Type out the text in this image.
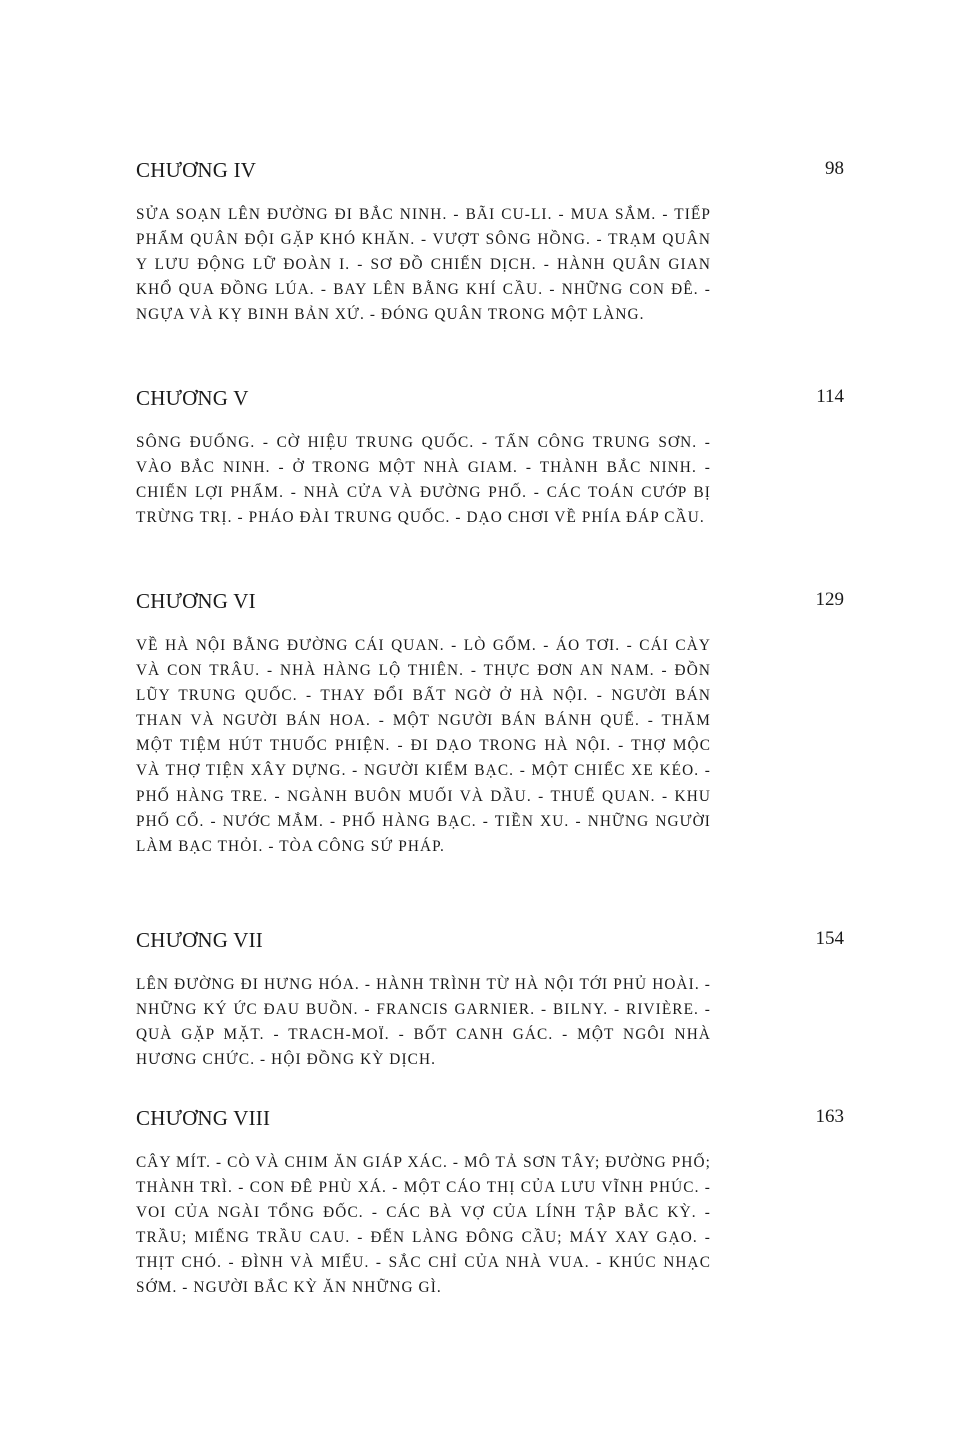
CHƯƠNG IV	98

SỬA SOẠN LÊN ĐƯỜNG ĐI BẮC NINH. - BÃI CU-LI. - MUA SẮM. - TIẾP PHẨM QUÂN ĐỘI GẶP KHÓ KHĂN. - VƯỢT SÔNG HỒNG. - TRẠM QUÂN Y LƯU ĐỘNG LỮ ĐOÀN I. - SƠ ĐỒ CHIẾN DỊCH. - HÀNH QUÂN GIAN KHỔ QUA ĐỒNG LÚA. - BAY LÊN BẰNG KHÍ CẦU. - NHỮNG CON ĐÊ. - NGỰA VÀ KỴ BINH BẢN XỨ. - ĐÓNG QUÂN TRONG MỘT LÀNG.

CHƯƠNG V	114

SÔNG ĐUỐNG. - CỜ HIỆU TRUNG QUỐC. - TẤN CÔNG TRUNG SƠN. - VÀO BẮC NINH. - Ở TRONG MỘT NHÀ GIAM. - THÀNH BẮC NINH. - CHIẾN LỢI PHẨM. - NHÀ CỬA VÀ ĐƯỜNG PHỐ. - CÁC TOÁN CƯỚP BỊ TRỪNG TRỊ. - PHÁO ĐÀI TRUNG QUỐC. - DẠO CHƠI VỀ PHÍA ĐÁP CẦU.

CHƯƠNG VI	129

VỀ HÀ NỘI BẰNG ĐƯỜNG CÁI QUAN. - LÒ GỐM. - ÁO TƠI. - CÁI CÀY VÀ CON TRÂU. - NHÀ HÀNG LỘ THIÊN. - THỰC ĐƠN AN NAM. - ĐỒN LŨY TRUNG QUỐC. - THAY ĐỔI BẤT NGỜ Ở HÀ NỘI. - NGƯỜI BÁN THAN VÀ NGƯỜI BÁN HOA. - MỘT NGƯỜI BÁN BÁNH QUẾ. - THĂM MỘT TIỆM HÚT THUỐC PHIỆN. - ĐI DẠO TRONG HÀ NỘI. - THỢ MỘC VÀ THỢ TIỆN XÂY DỰNG. - NGƯỜI KIỂM BẠC. - MỘT CHIẾC XE KÉO. - PHỐ HÀNG TRE. - NGÀNH BUÔN MUỐI VÀ DẦU. - THUẾ QUAN. - KHU PHỐ CỔ. - NƯỚC MẮM. - PHỐ HÀNG BẠC. - TIỀN XU. - NHỮNG NGƯỜI LÀM BẠC THỎI. - TÒA CÔNG SỨ PHÁP.

CHƯƠNG VII	154

LÊN ĐƯỜNG ĐI HƯNG HÓA. - HÀNH TRÌNH TỪ HÀ NỘI TỚI PHỦ HOÀI. - NHỮNG KÝ ỨC ĐAU BUỒN. - FRANCIS GARNIER. - BILNY. - RIVIÈRE. - QUÀ GẶP MẶT. - TRACH-MOÏ. - BỐT CANH GÁC. - MỘT NGÔI NHÀ HƯƠNG CHỨC. - HỘI ĐỒNG KỲ DỊCH.

CHƯƠNG VIII	163

CÂY MÍT. - CÒ VÀ CHIM ĂN GIÁP XÁC. - MÔ TẢ SƠN TÂY; ĐƯỜNG PHỐ; THÀNH TRÌ. - CON ĐÊ PHÙ XÁ. - MỘT CÁO THỊ CỦA LƯU VĨNH PHÚC. - VOI CỦA NGÀI TỔNG ĐỐC. - CÁC BÀ VỢ CỦA LÍNH TẬP BẮC KỲ. - TRẦU; MIẾNG TRẦU CAU. - ĐẾN LÀNG ĐÔNG CẦU; MÁY XAY GẠO. - THỊT CHÓ. - ĐÌNH VÀ MIẾU. - SẮC CHỈ CỦA NHÀ VUA. - KHÚC NHẠC SỚM. - NGƯỜI BẮC KỲ ĂN NHỮNG GÌ.
